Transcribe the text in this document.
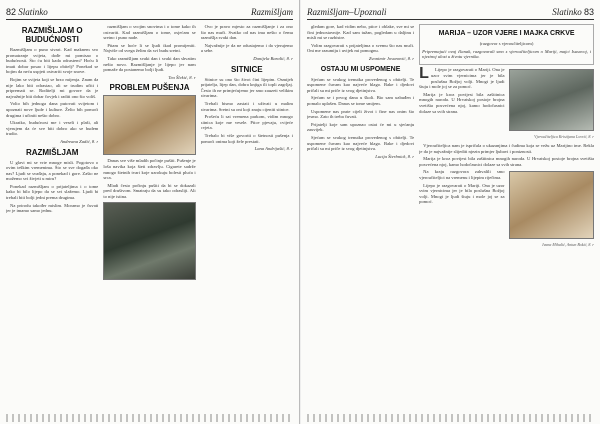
82 Slatinko	Razmišljam
RAZMIŠLJAM O BUDUĆNOSTI

Razmišljam o puno stvari. Kad maknem svo promatranje svijeta, dođe mi pomisao o budućnosti. Što ću biti kada odrastem? Hoću li imati dobar posao i lijepu obitelj? Ponekad se bojim da neću uspjeti ostvariti svoje snove.

Bojim se svijeta koji se brzo mijenja. Znam da nije lako biti odrastao, ali se trudim učiti i pripremati se. Roditelji mi govore da je najvažnije biti dobar čovjek i raditi ono što voliš.

Volio bih jednoga dana putovati svijetom i upoznati nove ljude i kulture. Želio bih pomoći drugima i učiniti nešto dobro.

Ukratko, budućnost me i veseli i plaši, ali vjerujem da će sve biti dobro ako se budem trudio.

Andreana Zadić, 8. r
RAZMIŠLJAM

U glavi mi se vrte mnoge misli. Pogotovo o ovim teškim vremenima. Što se sve događa oko nas? Ljudi se svađaju, a ponekad i gore. Zašto ne možemo svi živjeti u miru?

Ponekad razmišljam o prijateljima i o tome kako bi bilo lijepo da se svi slažemo. Ljudi bi trebali biti bolji jedni prema drugima.

Na prirodu također mislim. Moramo je čuvati jer je imamo samo jednu.

razmišljam o svojim snovima i o tome kako ih ostvariti. Kad razmišljam o tome, osjećam se sretno i puno nade.

Pitam se hoće li se ljudi ikad promijeniti. Najviše od svega želim da svi budu sretni.

Tako razmišljam svaki dan i svaki dan shvatim nešto novo. Razmišljanje je lijepo jer nam pomaže da postanemo bolji ljudi.

Tea Šlekić, 8. r
PROBLEM PUŠENJA

Danas sve više mladih počinje pušiti. Pušenje je loša navika koja šteti zdravlju. Cigarete sadrže mnogo štetnih tvari koje uzrokuju bolesti pluća i srca.

Mladi često počinju pušiti da bi se dokazali pred društvom. Smatraju da su tako odrasliji. Ali to nije istina.

Ovo je pravo mjesto za razmišljanje i za ono što nas muči. Svatko od nas ima nešto o čemu razmišlja svaki dan.

Najvažnije je da ne odustajemo i da vjerujemo u sebe.

Danijela Baralić, 8. r
SITNICE

Sitnice su ono što život čini lijepim. Osmijeh prijatelja, lijep dan, dobra knjiga ili topli zagrljaj. Često ih ne primjećujemo jer smo zauzeti velikim stvarima.

Trebali bismo zastati i uživati u malim stvarima. Sretni su oni koji znaju cijeniti sitnice.

Prošeću li sat vremena parkom, vidim mnogo sitnica koje me vesele. Ptice pjevaju, cvijeće cvjeta.

Trebalo bi više govoriti o štetnosti pušenja i pomoći onima koji žele prestati.

Lana Andrijašić, 8. r
Razmišljam–Upoznali	Slatinko 83

gledam gore, kad vidim nebo, ptice i oblake, sve mi se čini jednostavnije. Kad sam tužan, pogledam u daljinu i misli mi se razbistre.

Volim razgovarati s prijateljima o svemu što nas muči. Oni me razumiju i uvijek mi pomognu.

Zvonimir Jovanović, 8. r
OSTAJU MI USPOMENE

Sjećam se svakog trenutka provedenog s obitelji. Te uspomene čuvam kao najveće blago. Bake i djedovi pričali su mi priče iz svog djetinjstva.

Sjećam se i prvog dana u školi. Bio sam uzbuđen i pomalo uplašen. Danas se tome smijem.

Uspomene nas prate cijeli život i čine nas onim što jesmo. Zato ih treba čuvati.

Prijatelji koje sam upoznao ostat će mi u sjećanju zauvijek.

Sjećam se svakog trenutka provedenog s obitelji. Te uspomene čuvam kao najveće blago. Bake i djedovi pričali su mi priče iz svog djetinjstva.

Lucija Šterbnick, 8. r
MARIJA – UZOR VJERE I MAJKA CRKVE
(razgovor s vjeroučiteljicom)
Pripremajući ovaj članak, razgovarali smo s vjeroučiteljicom o Mariji, majci Isusovoj, i njezinoj ulozi u životu vjernika.
L	Lijepo je razgovarati o Mariji. Ona je uzor svim vjernicima jer je bila poslušna Božjoj volji. Mnogi je ljudi štuju i mole joj se za pomoć.

Marija je kroz povijest bila zaštitnica mnogih naroda. U Hrvatskoj postoje brojna svetišta posvećena njoj, kamo hodočasnici dolaze sa svih strana.

Vjeroučiteljica Kristijana Lovrić, 8. r

Vjeroučiteljica nam je ispričala o ukazanjima i čudima koja se vežu uz Marijino ime. Rekla je da je najvažnije slijediti njezin primjer ljubavi i poniznosti.

Marija je kroz povijest bila zaštitnica mnogih naroda. U Hrvatskoj postoje brojna svetišta posvećena njoj, kamo hodočasnici dolaze sa svih strana.

Na kraju razgovora zahvalili smo vjeroučiteljici na vremenu i lijepim riječima.

Lijepo je razgovarati o Mariji. Ona je uzor svim vjernicima jer je bila poslušna Božjoj volji. Mnogi je ljudi štuju i mole joj se za pomoć.

Ivana Mihalić, Antun Bokić, 8. r
